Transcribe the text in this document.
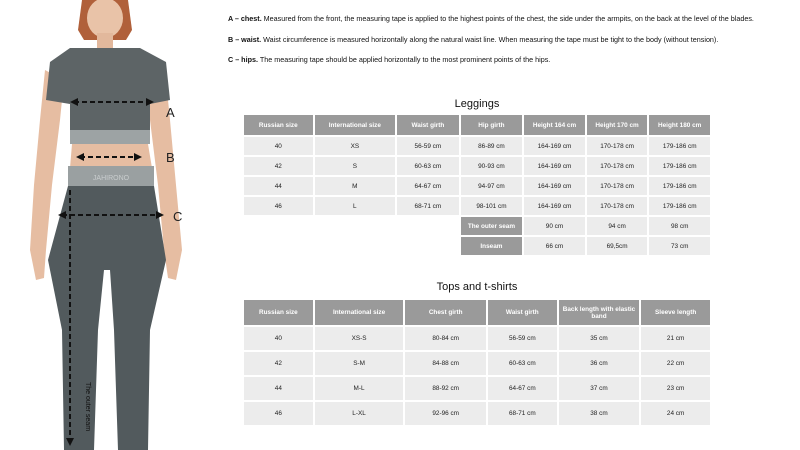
A
B
C
JAHIRONO
The outer seam

A – chest. Measured from the front, the measuring tape is applied to the highest points of the chest, the side under the armpits, on the back at the level of the blades.

B – waist. Waist circumference is measured horizontally along the natural waist line. When measuring the tape must be tight to the body (without tension).

C – hips. The measuring tape should be applied horizontally to the most prominent points of the hips.

Leggings
Russian size	International size	Waist girth	Hip girth	Height 164 cm	Height 170 cm	Height 180 cm
40	XS	56-59 cm	86-89 cm	164-169 cm	170-178 cm	179-186 cm
42	S	60-63 cm	90-93 cm	164-169 cm	170-178 cm	179-186 cm
44	M	64-67 cm	94-97 cm	164-169 cm	170-178 cm	179-186 cm
46	L	68-71 cm	98-101 cm	164-169 cm	170-178 cm	179-186 cm
			The outer seam	90 cm	94 cm	98 cm
			Inseam	66 cm	69,5cm	73 cm
Tops and t-shirts
Russian size	International size	Chest girth	Waist girth	Back length with elastic band	Sleeve length
40	XS-S	80-84 cm	56-59 cm	35 cm	21 cm
42	S-M	84-88 cm	60-63 cm	36 cm	22 cm
44	M-L	88-92 cm	64-67 cm	37 cm	23 cm
46	L-XL	92-96 cm	68-71 cm	38 cm	24 cm
